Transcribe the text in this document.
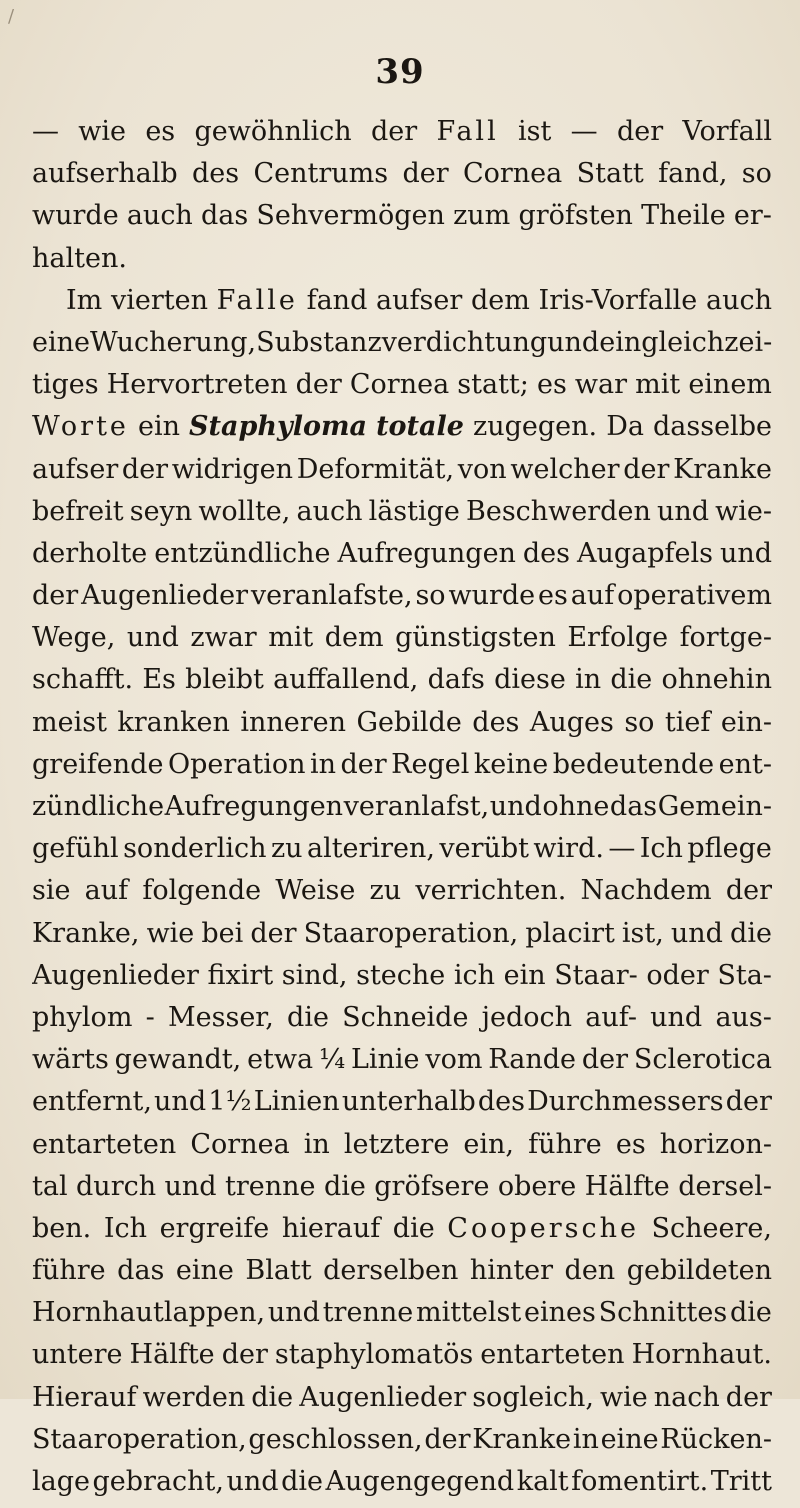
/
39
— wie es gewöhnlich der Fall ist — der Vorfall
aufserhalb des Centrums der Cornea Statt fand, so
wurde auch das Sehvermögen zum gröfsten Theile er-
halten.
Im vierten Falle fand aufser dem Iris-Vorfalle auch
eine Wucherung, Substanzverdichtung und ein gleichzei-
tiges Hervortreten der Cornea statt; es war mit einem
Worte ein Staphyloma totale zugegen. Da dasselbe
aufser der widrigen Deformität, von welcher der Kranke
befreit seyn wollte, auch lästige Beschwerden und wie-
derholte entzündliche Aufregungen des Augapfels und
der Augenlieder veranlafste, so wurde es auf operativem
Wege, und zwar mit dem günstigsten Erfolge fortge-
schafft. Es bleibt auffallend, dafs diese in die ohnehin
meist kranken inneren Gebilde des Auges so tief ein-
greifende Operation in der Regel keine bedeutende ent-
zündliche Aufregungen veranlafst, und ohne das Gemein-
gefühl sonderlich zu alteriren, verübt wird. — Ich pflege
sie auf folgende Weise zu verrichten. Nachdem der
Kranke, wie bei der Staaroperation, placirt ist, und die
Augenlieder fixirt sind, steche ich ein Staar- oder Sta-
phylom - Messer, die Schneide jedoch auf- und aus-
wärts gewandt, etwa ¼ Linie vom Rande der Sclerotica
entfernt, und 1½ Linien unterhalb des Durchmessers der
entarteten Cornea in letztere ein, führe es horizon-
tal durch und trenne die gröfsere obere Hälfte dersel-
ben. Ich ergreife hierauf die Coopersche Scheere,
führe das eine Blatt derselben hinter den gebildeten
Hornhautlappen, und trenne mittelst eines Schnittes die
untere Hälfte der staphylomatös entarteten Hornhaut.
Hierauf werden die Augenlieder sogleich, wie nach der
Staaroperation, geschlossen, der Kranke in eine Rücken-
lage gebracht, und die Augengegend kalt fomentirt. Tritt
